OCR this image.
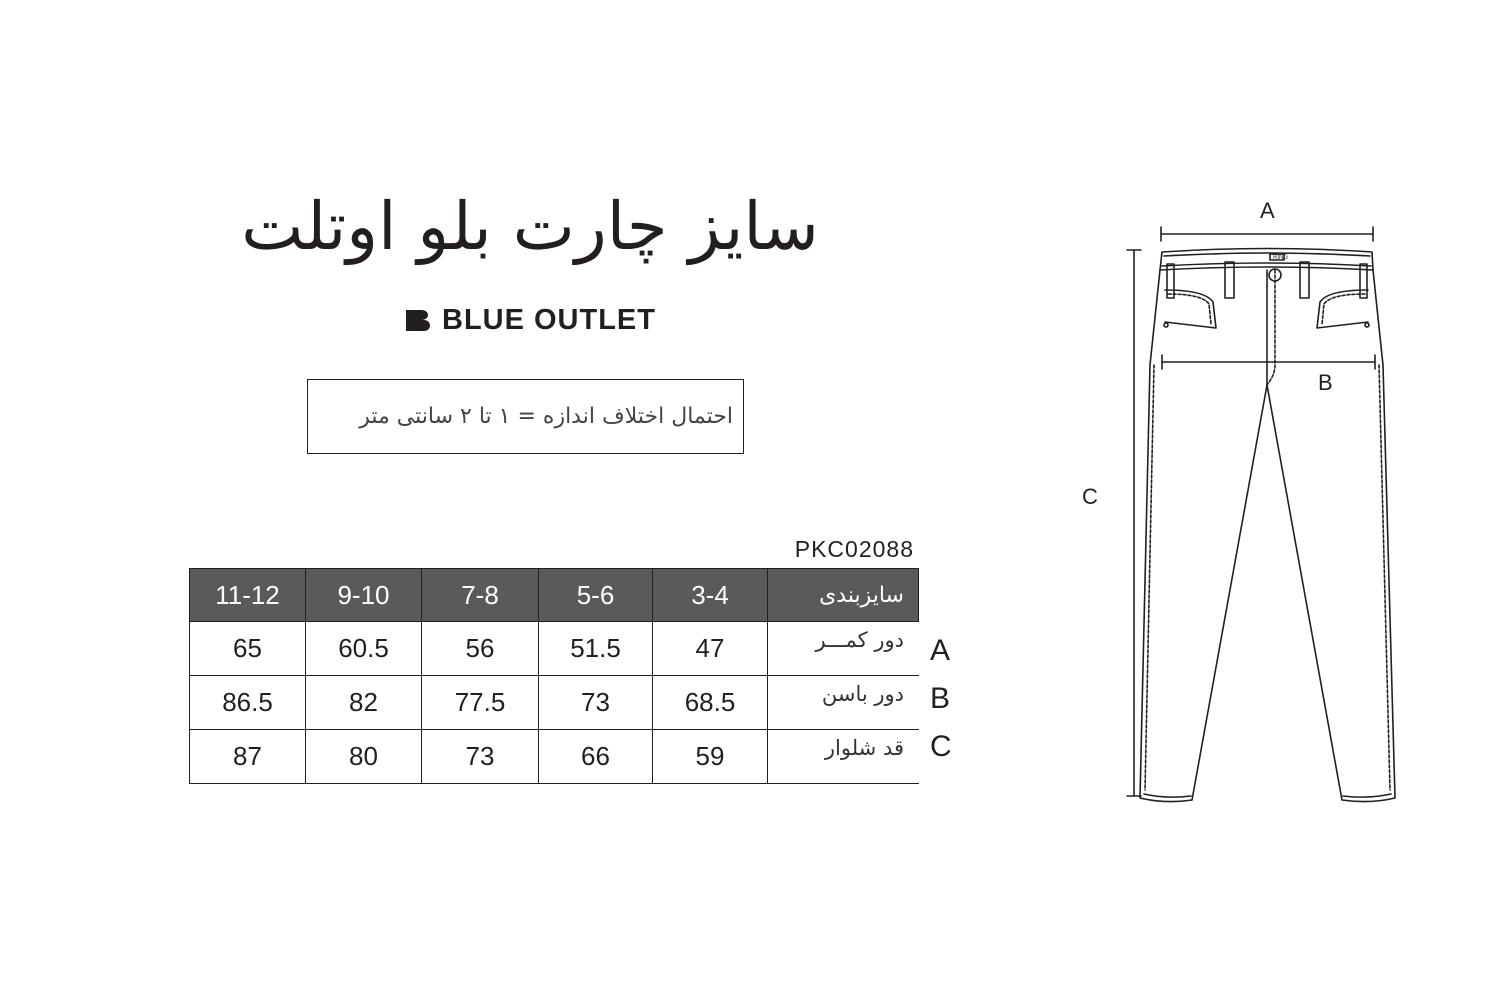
سایز چارت بلو اوتلت
BLUE OUTLET
احتمال اختلاف اندازه = ۱ تا ۲ سانتی متر
PKC02088
11-12	9-10	7-8	5-6	3-4	سایزبندی
65	60.5	56	51.5	47	دور کمـــر
86.5	82	77.5	73	68.5	دور باسن
87	80	73	66	59	قد شلوار
A
B
C
A
B
C
RING
